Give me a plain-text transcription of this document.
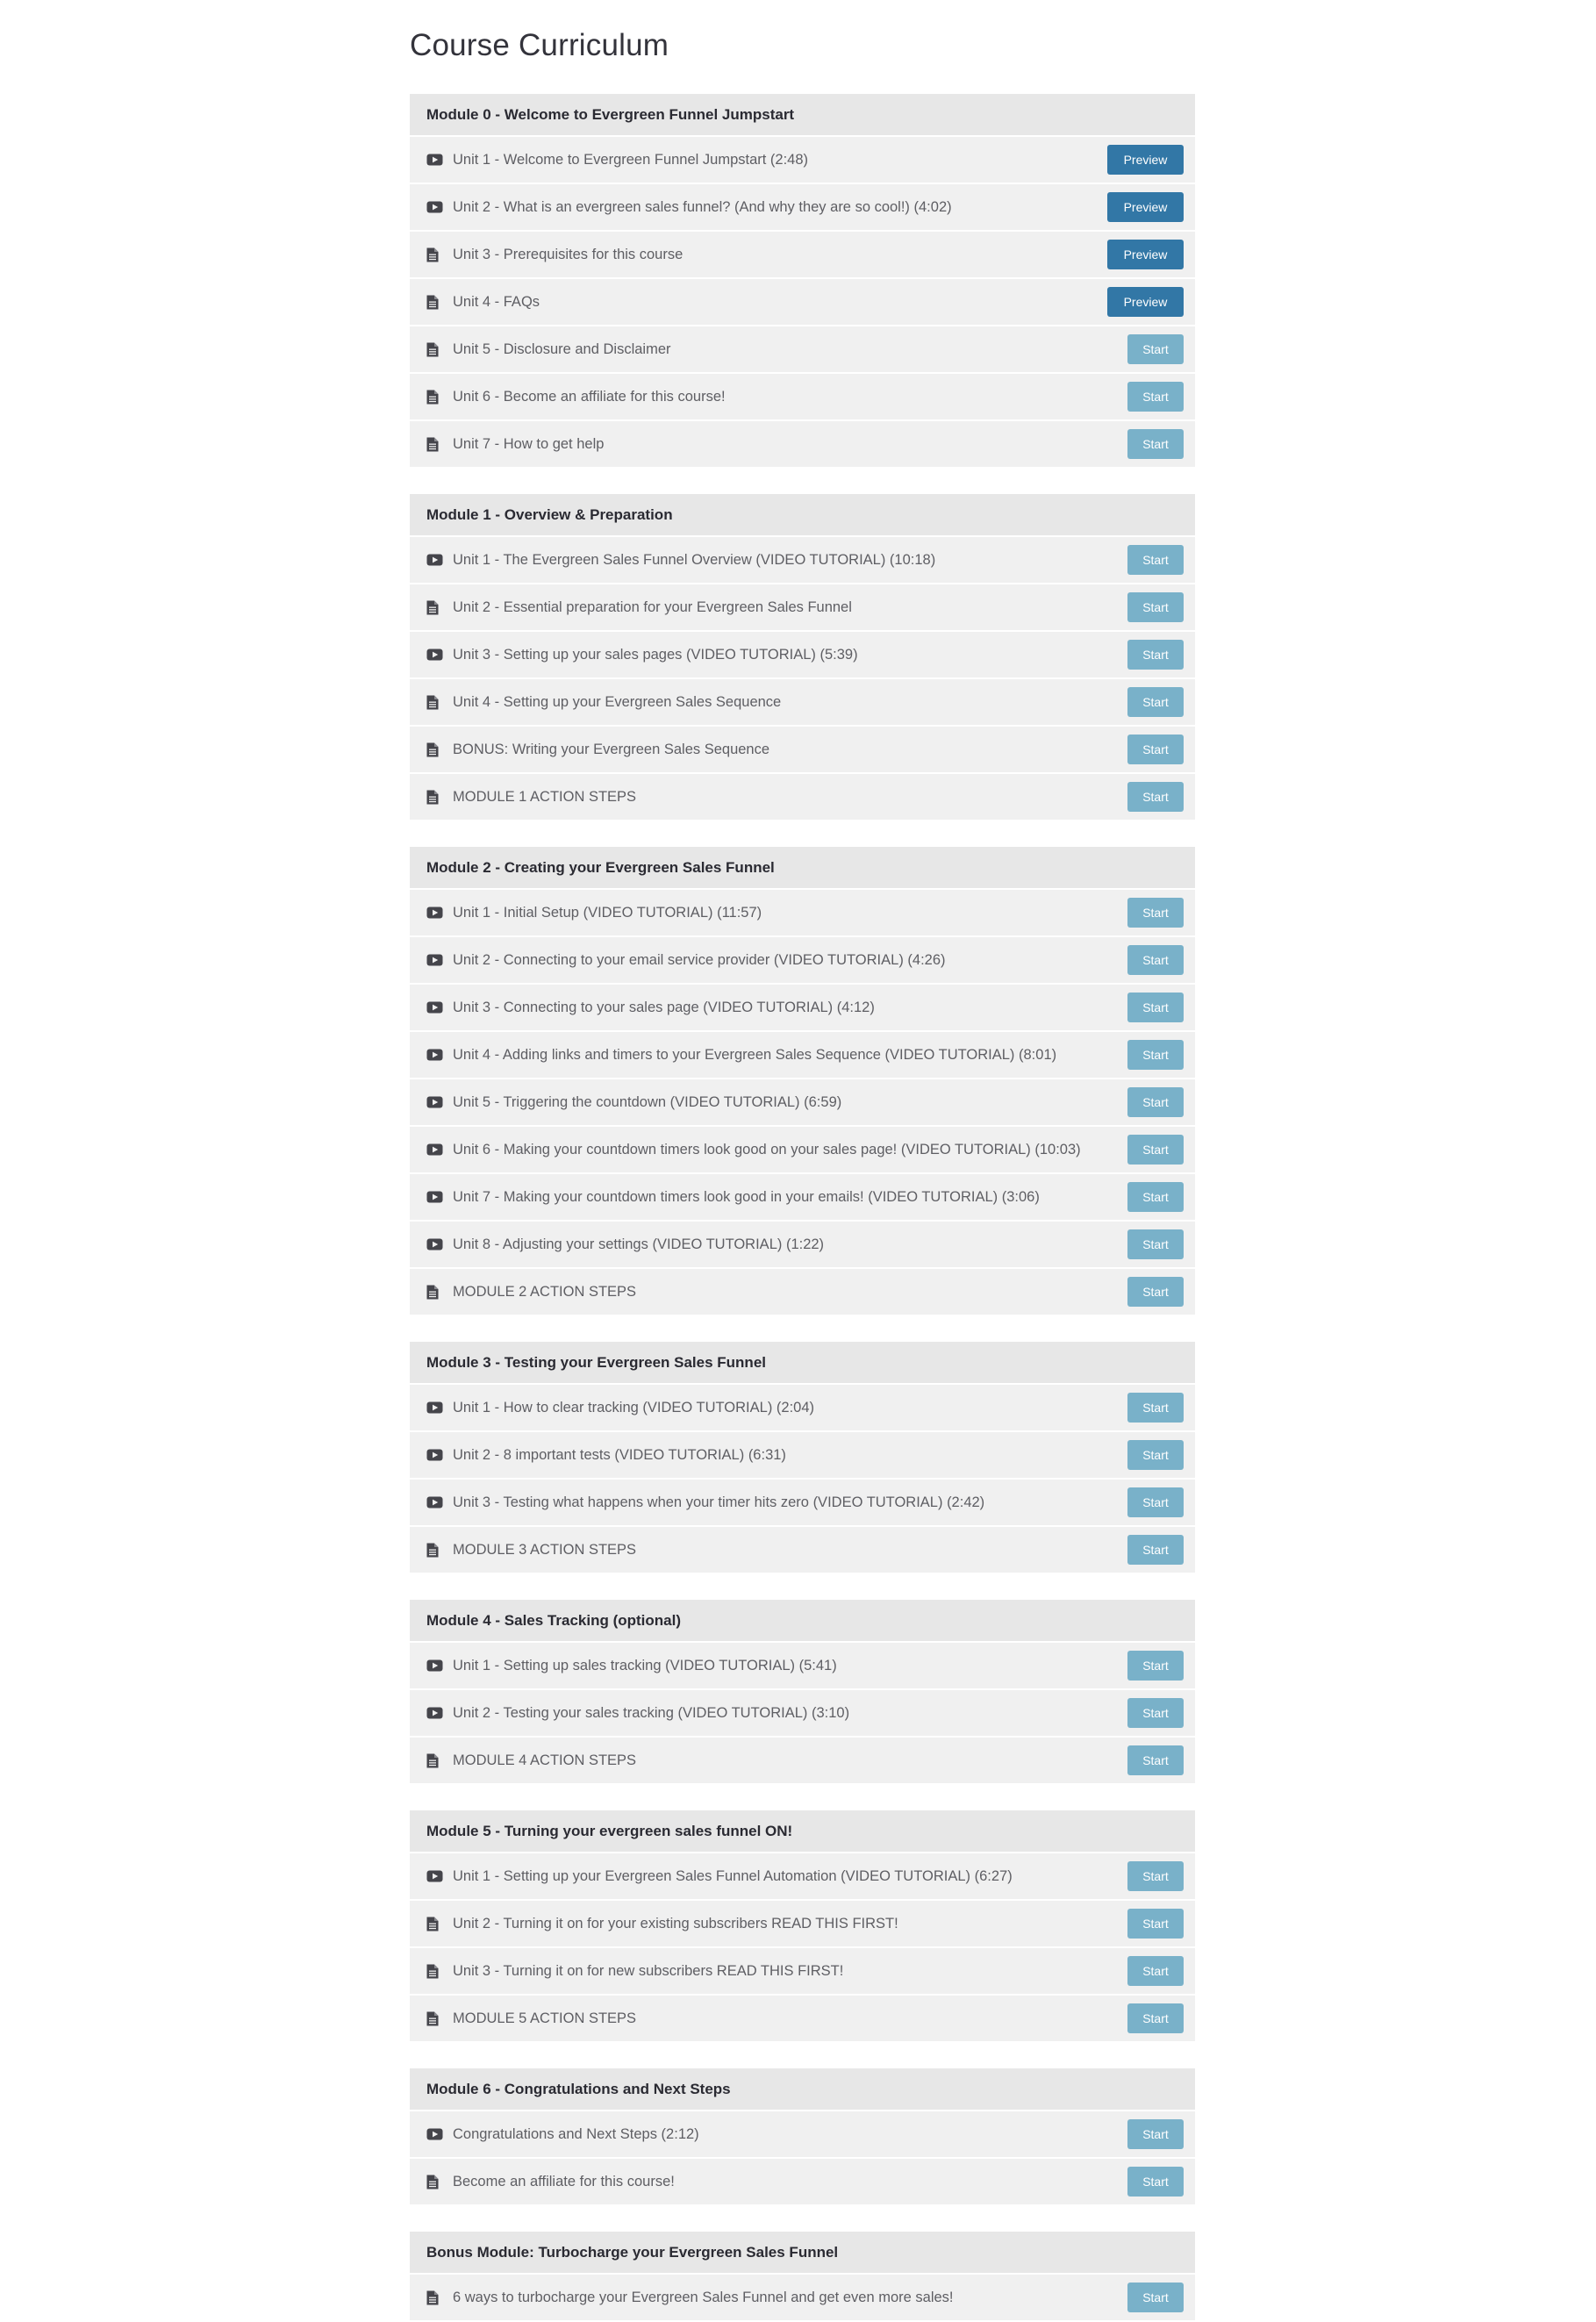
Course Curriculum
Module 0 - Welcome to Evergreen Funnel Jumpstart
Unit 1 - Welcome to Evergreen Funnel Jumpstart (2:48)	Preview
Unit 2 - What is an evergreen sales funnel? (And why they are so cool!) (4:02)	Preview
Unit 3 - Prerequisites for this course	Preview
Unit 4 - FAQs	Preview
Unit 5 - Disclosure and Disclaimer	Start
Unit 6 - Become an affiliate for this course!	Start
Unit 7 - How to get help	Start
Module 1 - Overview & Preparation
Unit 1 - The Evergreen Sales Funnel Overview (VIDEO TUTORIAL) (10:18)	Start
Unit 2 - Essential preparation for your Evergreen Sales Funnel	Start
Unit 3 - Setting up your sales pages (VIDEO TUTORIAL) (5:39)	Start
Unit 4 - Setting up your Evergreen Sales Sequence	Start
BONUS: Writing your Evergreen Sales Sequence	Start
MODULE 1 ACTION STEPS	Start
Module 2 - Creating your Evergreen Sales Funnel
Unit 1 - Initial Setup (VIDEO TUTORIAL) (11:57)	Start
Unit 2 - Connecting to your email service provider (VIDEO TUTORIAL) (4:26)	Start
Unit 3 - Connecting to your sales page (VIDEO TUTORIAL) (4:12)	Start
Unit 4 - Adding links and timers to your Evergreen Sales Sequence (VIDEO TUTORIAL) (8:01)	Start
Unit 5 - Triggering the countdown (VIDEO TUTORIAL) (6:59)	Start
Unit 6 - Making your countdown timers look good on your sales page! (VIDEO TUTORIAL) (10:03)	Start
Unit 7 - Making your countdown timers look good in your emails! (VIDEO TUTORIAL) (3:06)	Start
Unit 8 - Adjusting your settings (VIDEO TUTORIAL) (1:22)	Start
MODULE 2 ACTION STEPS	Start
Module 3 - Testing your Evergreen Sales Funnel
Unit 1 - How to clear tracking (VIDEO TUTORIAL) (2:04)	Start
Unit 2 - 8 important tests (VIDEO TUTORIAL) (6:31)	Start
Unit 3 - Testing what happens when your timer hits zero (VIDEO TUTORIAL) (2:42)	Start
MODULE 3 ACTION STEPS	Start
Module 4 - Sales Tracking (optional)
Unit 1 - Setting up sales tracking (VIDEO TUTORIAL) (5:41)	Start
Unit 2 - Testing your sales tracking (VIDEO TUTORIAL) (3:10)	Start
MODULE 4 ACTION STEPS	Start
Module 5 - Turning your evergreen sales funnel ON!
Unit 1 - Setting up your Evergreen Sales Funnel Automation (VIDEO TUTORIAL) (6:27)	Start
Unit 2 - Turning it on for your existing subscribers READ THIS FIRST!	Start
Unit 3 - Turning it on for new subscribers READ THIS FIRST!	Start
MODULE 5 ACTION STEPS	Start
Module 6 - Congratulations and Next Steps
Congratulations and Next Steps (2:12)	Start
Become an affiliate for this course!	Start
Bonus Module: Turbocharge your Evergreen Sales Funnel
6 ways to turbocharge your Evergreen Sales Funnel and get even more sales!	Start
